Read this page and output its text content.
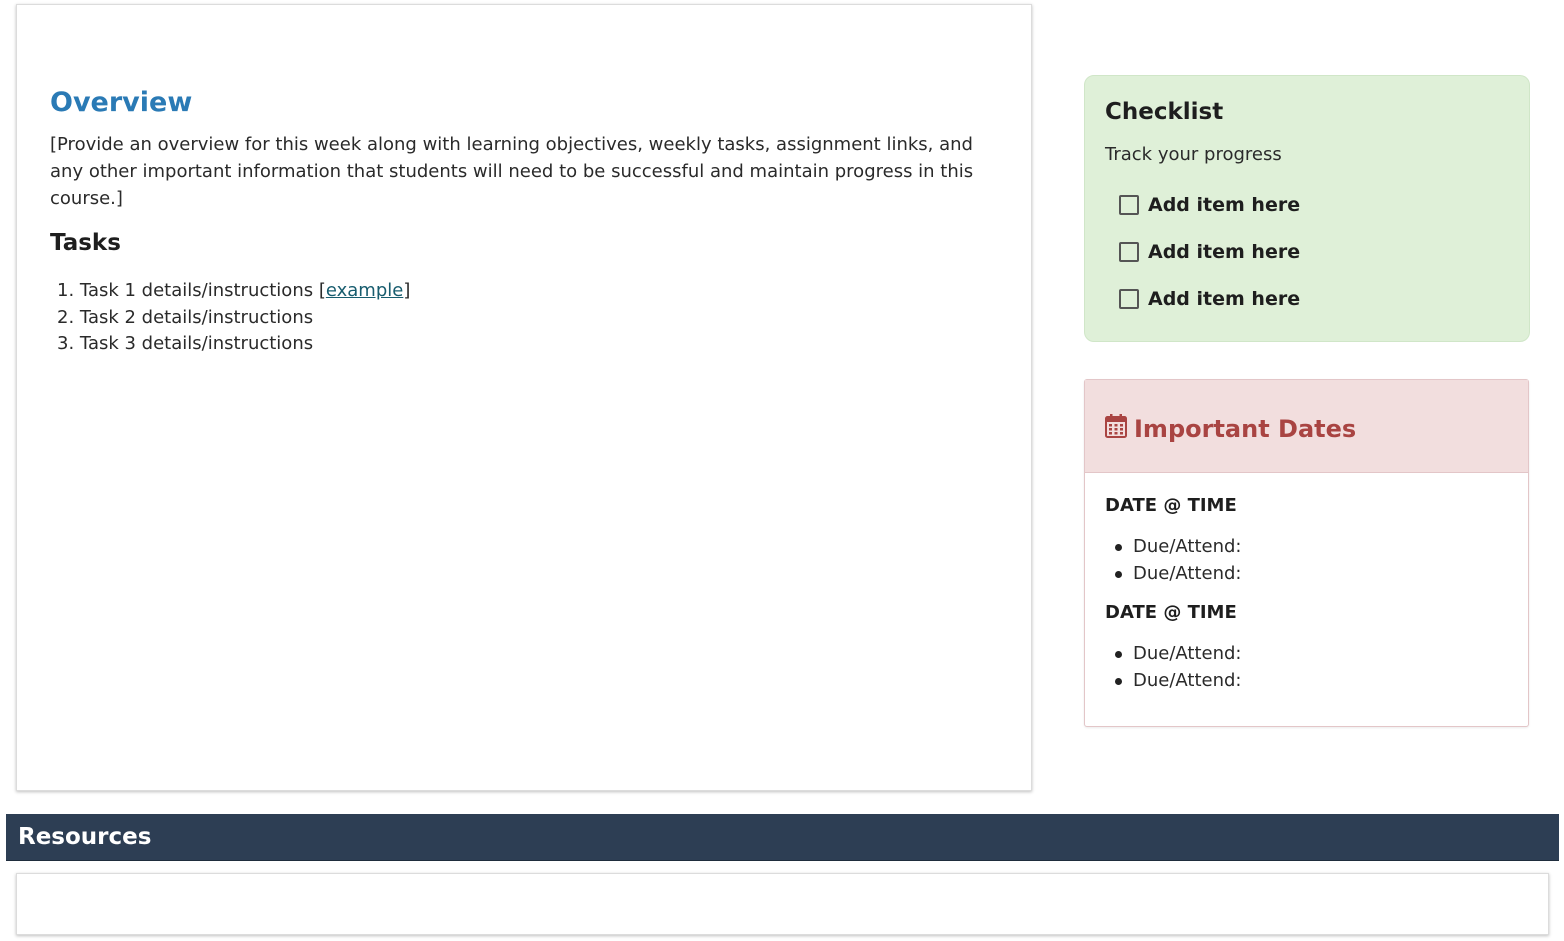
Overview

[Provide an overview for this week along with learning objectives, weekly tasks, assignment links, and any other important information that students will need to be successful and maintain progress in this course.]

Tasks
1. Task 1 details/instructions [example]
2. Task 2 details/instructions
3. Task 3 details/instructions
Checklist

Track your progress

Add item here
Add item here
Add item here
Important Dates
DATE @ TIME
Due/Attend:
Due/Attend:
DATE @ TIME
Due/Attend:
Due/Attend:
Resources
